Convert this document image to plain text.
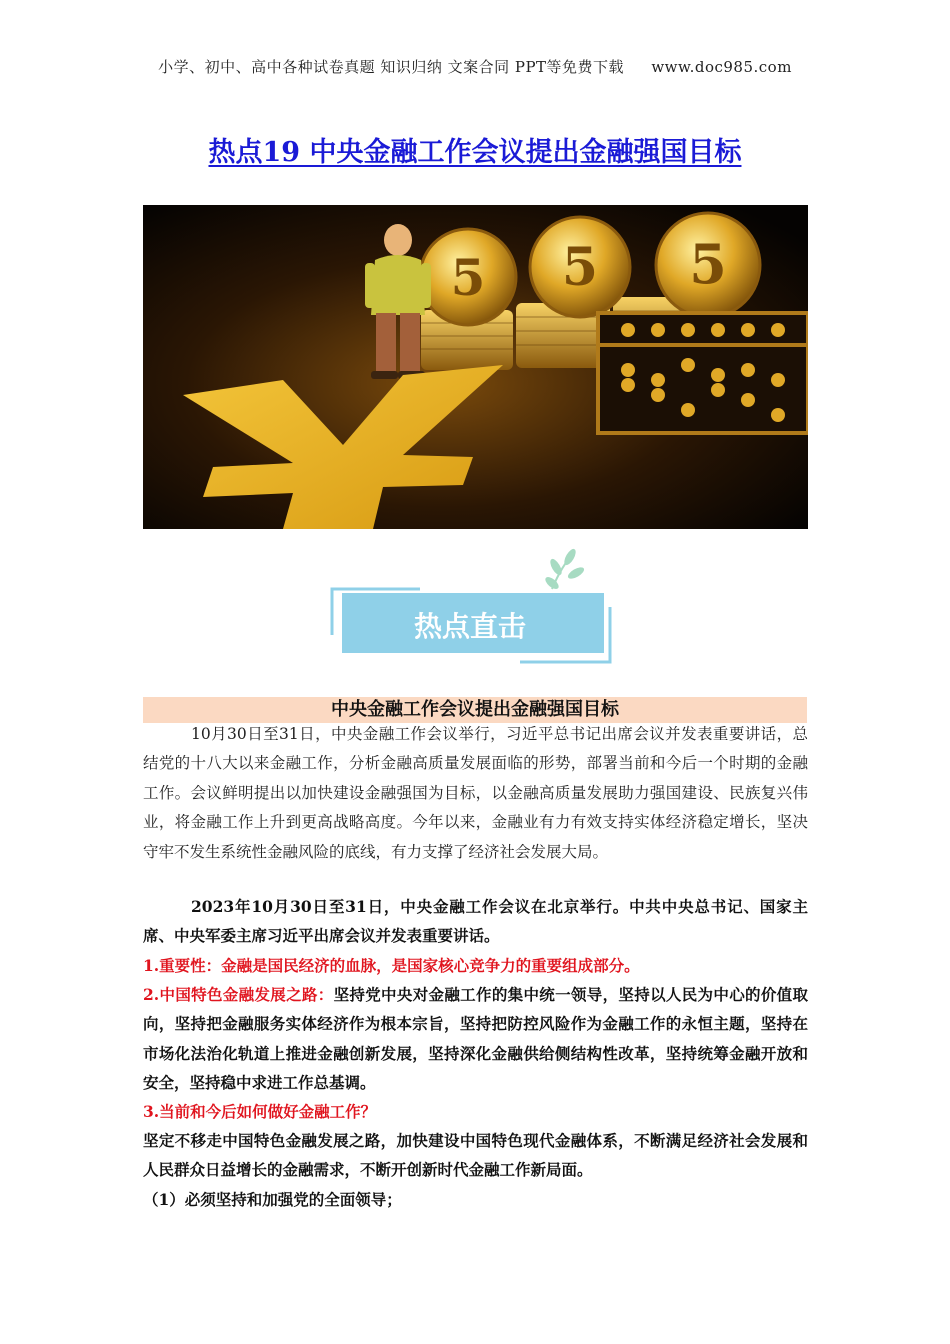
小学、初中、高中各种试卷真题 知识归纳 文案合同 PPT等免费下载 www.doc985.com
热点19 中央金融工作会议提出金融强国目标
5 5 5
热点直击
中央金融工作会议提出金融强国目标
10月30日至31日，中央金融工作会议举行，习近平总书记出席会议并发表重要讲话，总结党的十八大以来金融工作，分析金融高质量发展面临的形势，部署当前和今后一个时期的金融工作。会议鲜明提出以加快建设金融强国为目标，以金融高质量发展助力强国建设、民族复兴伟业，将金融工作上升到更高战略高度。今年以来，金融业有力有效支持实体经济稳定增长，坚决守牢不发生系统性金融风险的底线，有力支撑了经济社会发展大局。
2023年10月30日至31日，中央金融工作会议在北京举行。中共中央总书记、国家主席、中央军委主席习近平出席会议并发表重要讲话。
1.重要性：金融是国民经济的血脉，是国家核心竞争力的重要组成部分。
2.中国特色金融发展之路：坚持党中央对金融工作的集中统一领导，坚持以人民为中心的价值取向，坚持把金融服务实体经济作为根本宗旨，坚持把防控风险作为金融工作的永恒主题，坚持在市场化法治化轨道上推进金融创新发展，坚持深化金融供给侧结构性改革，坚持统筹金融开放和安全，坚持稳中求进工作总基调。
3.当前和今后如何做好金融工作？
坚定不移走中国特色金融发展之路，加快建设中国特色现代金融体系，不断满足经济社会发展和人民群众日益增长的金融需求，不断开创新时代金融工作新局面。
（1）必须坚持和加强党的全面领导；
